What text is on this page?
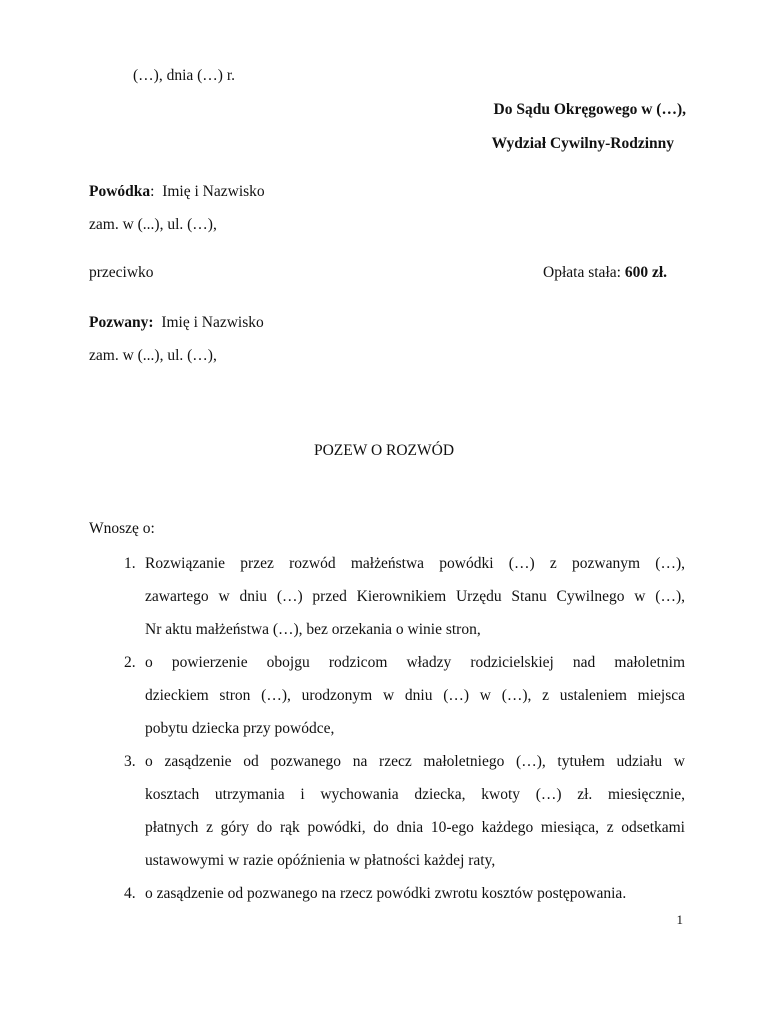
(…), dnia (…) r.
Do Sądu Okręgowego w (…),
Wydział Cywilny-Rodzinny
Powódka: Imię i Nazwisko
zam. w (...), ul. (…),
przeciwko	Opłata stała: 600 zł.
Pozwany: Imię i Nazwisko
zam. w (...), ul. (…),
POZEW O ROZWÓD
Wnoszę o:
1. Rozwiązanie przez rozwód małżeństwa powódki (…) z pozwanym (…),
zawartego w dniu (…) przed Kierownikiem Urzędu Stanu Cywilnego w (…),
Nr aktu małżeństwa (…), bez orzekania o winie stron,
2. o powierzenie obojgu rodzicom władzy rodzicielskiej nad małoletnim
dzieckiem stron (…), urodzonym w dniu (…) w (…), z ustaleniem miejsca
pobytu dziecka przy powódce,
3. o zasądzenie od pozwanego na rzecz małoletniego (…), tytułem udziału w
kosztach utrzymania i wychowania dziecka, kwoty (…) zł. miesięcznie,
płatnych z góry do rąk powódki, do dnia 10-ego każdego miesiąca, z odsetkami
ustawowymi w razie opóźnienia w płatności każdej raty,
4. o zasądzenie od pozwanego na rzecz powódki zwrotu kosztów postępowania.
1
